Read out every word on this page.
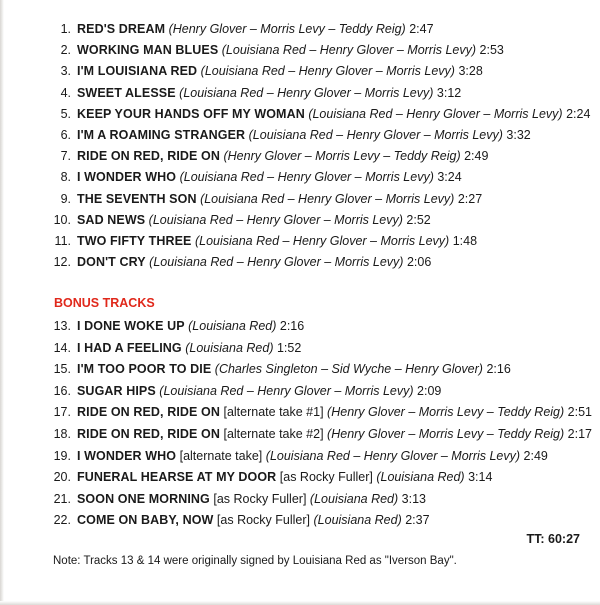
1. RED'S DREAM (Henry Glover – Morris Levy – Teddy Reig) 2:47
2. WORKING MAN BLUES (Louisiana Red – Henry Glover – Morris Levy) 2:53
3. I'M LOUISIANA RED (Louisiana Red – Henry Glover – Morris Levy) 3:28
4. SWEET ALESSE (Louisiana Red – Henry Glover – Morris Levy) 3:12
5. KEEP YOUR HANDS OFF MY WOMAN (Louisiana Red – Henry Glover – Morris Levy) 2:24
6. I'M A ROAMING STRANGER (Louisiana Red – Henry Glover – Morris Levy) 3:32
7. RIDE ON RED, RIDE ON (Henry Glover – Morris Levy – Teddy Reig) 2:49
8. I WONDER WHO (Louisiana Red – Henry Glover – Morris Levy) 3:24
9. THE SEVENTH SON (Louisiana Red – Henry Glover – Morris Levy) 2:27
10. SAD NEWS (Louisiana Red – Henry Glover – Morris Levy) 2:52
11. TWO FIFTY THREE (Louisiana Red – Henry Glover – Morris Levy) 1:48
12. DON'T CRY (Louisiana Red – Henry Glover – Morris Levy) 2:06
13. I DONE WOKE UP (Louisiana Red) 2:16
14. I HAD A FEELING (Louisiana Red) 1:52
15. I'M TOO POOR TO DIE (Charles Singleton – Sid Wyche – Henry Glover) 2:16
16. SUGAR HIPS (Louisiana Red – Henry Glover – Morris Levy) 2:09
17. RIDE ON RED, RIDE ON [alternate take #1] (Henry Glover – Morris Levy – Teddy Reig) 2:51
18. RIDE ON RED, RIDE ON [alternate take #2] (Henry Glover – Morris Levy – Teddy Reig) 2:17
19. I WONDER WHO [alternate take] (Louisiana Red – Henry Glover – Morris Levy) 2:49
20. FUNERAL HEARSE AT MY DOOR [as Rocky Fuller] (Louisiana Red) 3:14
21. SOON ONE MORNING [as Rocky Fuller] (Louisiana Red) 3:13
22. COME ON BABY, NOW [as Rocky Fuller] (Louisiana Red) 2:37
BONUS TRACKS
TT: 60:27
Note: Tracks 13 & 14 were originally signed by Louisiana Red as "Iverson Bay".
